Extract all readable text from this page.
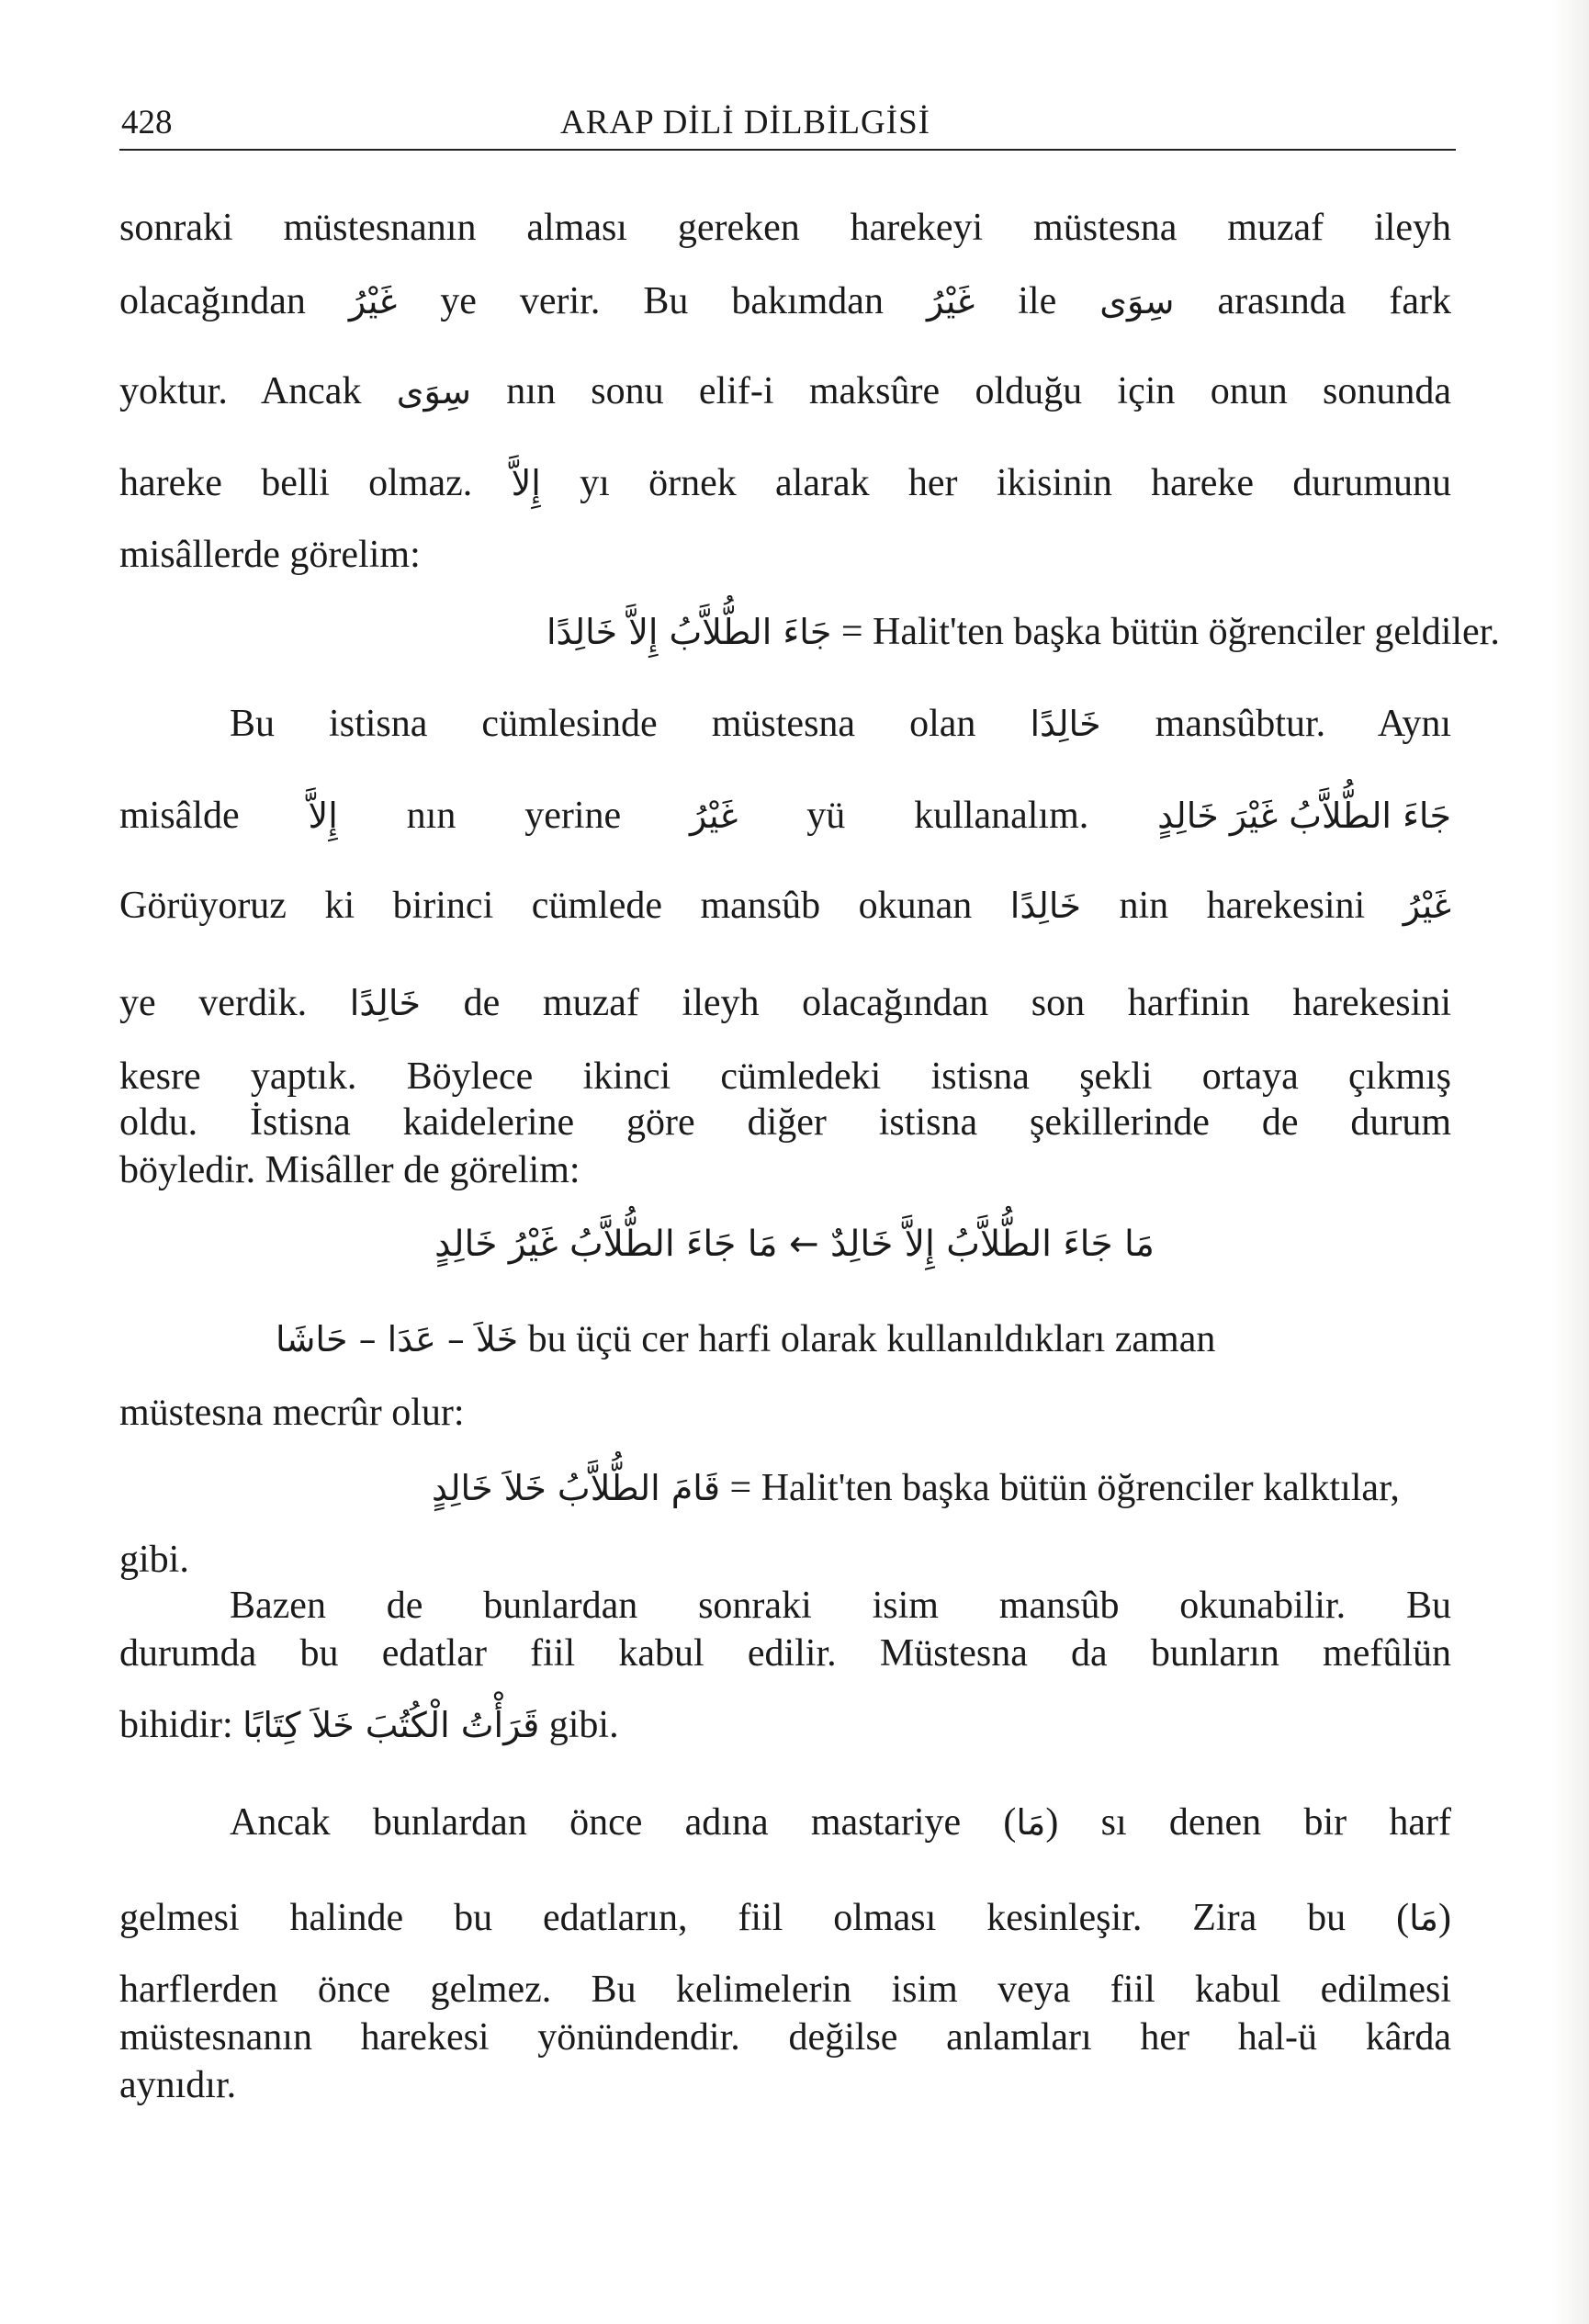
428	ARAP DİLİ DİLBİLGİSİ
sonraki müstesnanın alması gereken harekeyi müstesna muzaf ileyh
olacağından غَيْرُ ye verir. Bu bakımdan غَيْرُ ile سِوَى arasında fark
yoktur. Ancak سِوَى nın sonu elif-i maksûre olduğu için onun sonunda
hareke belli olmaz. إِلاَّ yı örnek alarak her ikisinin hareke durumunu
misâllerde görelim:
جَاءَ الطُّلاَّبُ إِلاَّ خَالِدًا = Halit'ten başka bütün öğrenciler geldiler.
Bu istisna cümlesinde müstesna olan خَالِدًا mansûbtur. Aynı
misâlde إِلاَّ nın yerine غَيْرُ yü kullanalım. جَاءَ الطُّلاَّبُ غَيْرَ خَالِدٍ
Görüyoruz ki birinci cümlede mansûb okunan خَالِدًا nin harekesini غَيْرُ
ye verdik. خَالِدًا de muzaf ileyh olacağından son harfinin harekesini
kesre yaptık. Böylece ikinci cümledeki istisna şekli ortaya çıkmış
oldu. İstisna kaidelerine göre diğer istisna şekillerinde de durum
böyledir. Misâller de görelim:
مَا جَاءَ الطُّلاَّبُ إِلاَّ خَالِدٌ ← مَا جَاءَ الطُّلاَّبُ غَيْرُ خَالِدٍ
خَلاَ – عَدَا – حَاشَا bu üçü cer harfi olarak kullanıldıkları zaman
müstesna mecrûr olur:
قَامَ الطُّلاَّبُ خَلاَ خَالِدٍ = Halit'ten başka bütün öğrenciler kalktılar,
gibi.
Bazen de bunlardan sonraki isim mansûb okunabilir. Bu
durumda bu edatlar fiil kabul edilir. Müstesna da bunların mefûlün
bihidir: قَرَأْتُ الْكُتُبَ خَلاَ كِتَابًا gibi.
Ancak bunlardan önce adına mastariye (مَا) sı denen bir harf
gelmesi halinde bu edatların, fiil olması kesinleşir. Zira bu (مَا)
harflerden önce gelmez. Bu kelimelerin isim veya fiil kabul edilmesi
müstesnanın harekesi yönündendir. değilse anlamları her hal-ü kârda
aynıdır.
